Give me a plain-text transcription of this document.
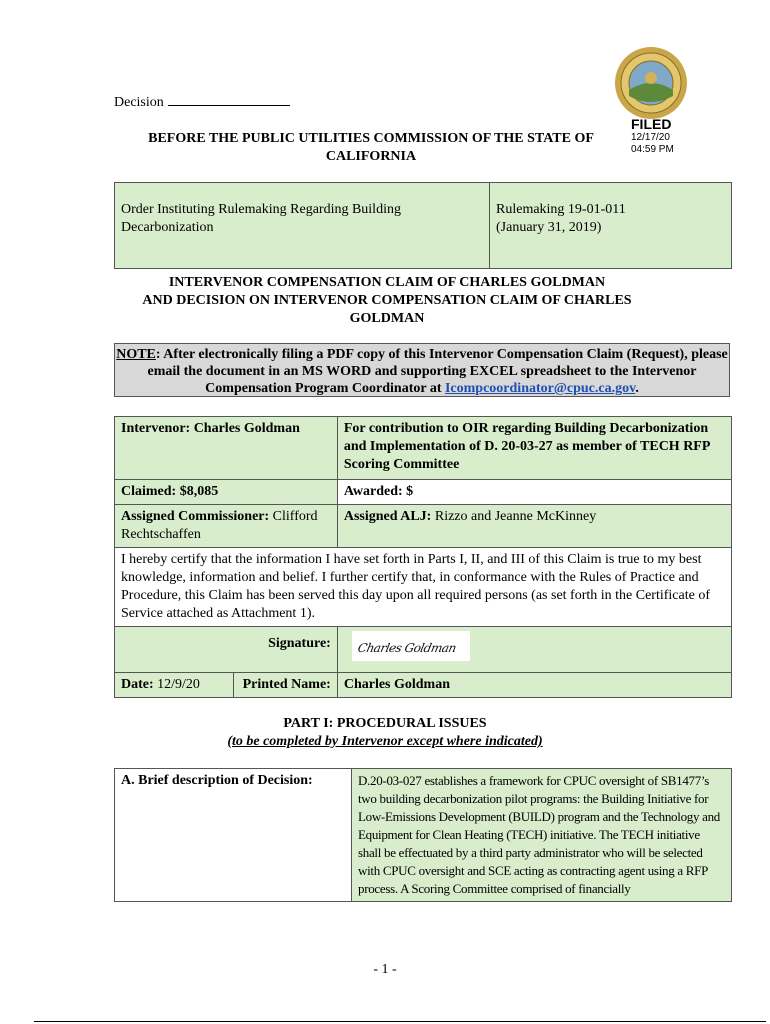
Decision
FILED
12/17/20
04:59 PM
BEFORE THE PUBLIC UTILITIES COMMISSION OF THE STATE OF
CALIFORNIA
Order Instituting Rulemaking Regarding Building Decarbonization	
Rulemaking 19-01-011
(January 31, 2019)
INTERVENOR COMPENSATION CLAIM OF CHARLES GOLDMAN
AND DECISION ON INTERVENOR COMPENSATION CLAIM OF CHARLES
GOLDMAN
NOTE: After electronically filing a PDF copy of this Intervenor Compensation Claim (Request), please email the document in an MS WORD and supporting EXCEL spreadsheet to the Intervenor Compensation Program Coordinator at Icompcoordinator@cpuc.ca.gov.
Intervenor: Charles Goldman		For contribution to OIR regarding Building Decarbonization and Implementation of D. 20-03-27 as member of TECH RFP Scoring Committee
Claimed: $8,085		Awarded: $
Assigned Commissioner: Clifford Rechtschaffen		Assigned ALJ: Rizzo and Jeanne McKinney
I hereby certify that the information I have set forth in Parts I, II, and III of this Claim is true to my best knowledge, information and belief. I further certify that, in conformance with the Rules of Practice and Procedure, this Claim has been served this day upon all required persons (as set forth in the Certificate of Service attached as Attachment 1).		
Signature:		Charles Goldman
Date: 12/9/20	Printed Name:	Charles Goldman
PART I: PROCEDURAL ISSUES
(to be completed by Intervenor except where indicated)
A. Brief description of Decision:	D.20-03-027 establishes a framework for CPUC oversight of SB1477’s two building decarbonization pilot programs: the Building Initiative for Low-Emissions Development (BUILD) program and the Technology and Equipment for Clean Heating (TECH) initiative. The TECH initiative shall be effectuated by a third party administrator who will be selected with CPUC oversight and SCE acting as contracting agent using a RFP process. A Scoring Committee comprised of financially
- 1 -
